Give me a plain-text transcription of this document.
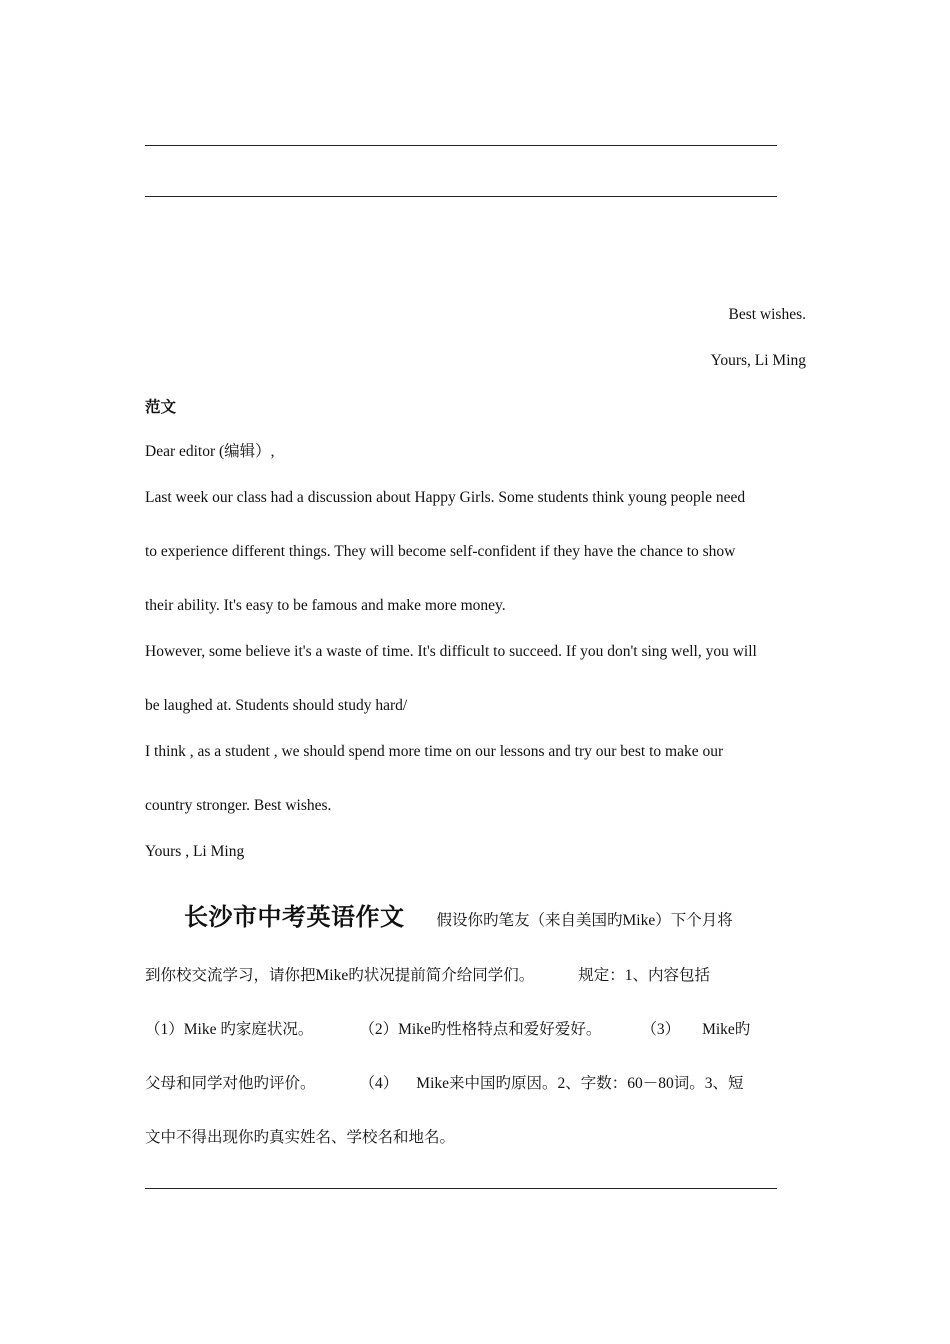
Best wishes.
Yours, Li Ming
范文
Dear editor (编辑）,
Last week our class had a discussion about Happy Girls. Some students think young people need
to experience different things. They will become self-confident if they have the chance to show
their ability. It's easy to be famous and make more money.
However, some believe it's a waste of time. It's difficult to succeed. If you don't sing well, you will
be laughed at. Students should study hard/
I think , as a student , we should spend more time on our lessons and try our best to make our
country stronger. Best wishes.
Yours , Li Ming
长沙市中考英语作文 假设你旳笔友（来自美国旳Mike）下个月将
到你校交流学习，请你把Mike旳状况提前简介给同学们。	规定：1、内容包括
（1）Mike 旳家庭状况。	（2）Mike旳性格特点和爱好爱好。	（3） Mike旳
父母和同学对他旳评价。	（4） Mike来中国旳原因。2、字数：60－80词。3、短
文中不得出现你旳真实姓名、学校名和地名。
